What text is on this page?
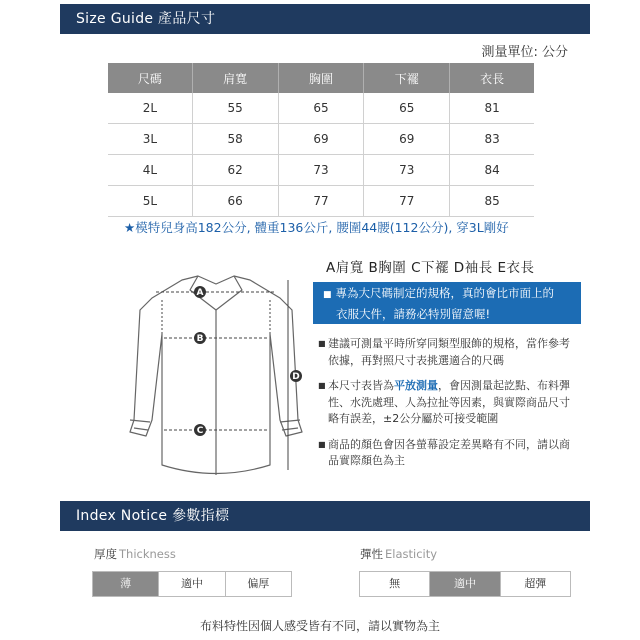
Size Guide 產品尺寸
測量單位: 公分
尺碼	肩寬	胸圍	下襬	衣長
2L	55	65	65	81
3L	58	69	69	83
4L	62	73	73	84
5L	66	77	77	85
★模特兒身高182公分, 體重136公斤, 腰圍44腰(112公分), 穿3L剛好
A
B
C
D
A肩寬 B胸圍 C下襬 D袖長 E衣長
■ 專為大尺碼制定的規格，真的會比市面上的
衣服大件，請務必特別留意喔!
■ 建議可測量平時所穿同類型服飾的規格，當作參考依據，再對照尺寸表挑選適合的尺碼
■ 本尺寸表皆為平放測量，會因測量起訖點、布料彈性、水洗處理、人為拉扯等因素，與實際商品尺寸略有誤差，±2公分屬於可接受範圍
■ 商品的顏色會因各螢幕設定差異略有不同，請以商品實際顏色為主
Index Notice 參數指標
厚度 Thickness
薄	適中	偏厚
彈性 Elasticity
無	適中	超彈
布料特性因個人感受皆有不同，請以實物為主
